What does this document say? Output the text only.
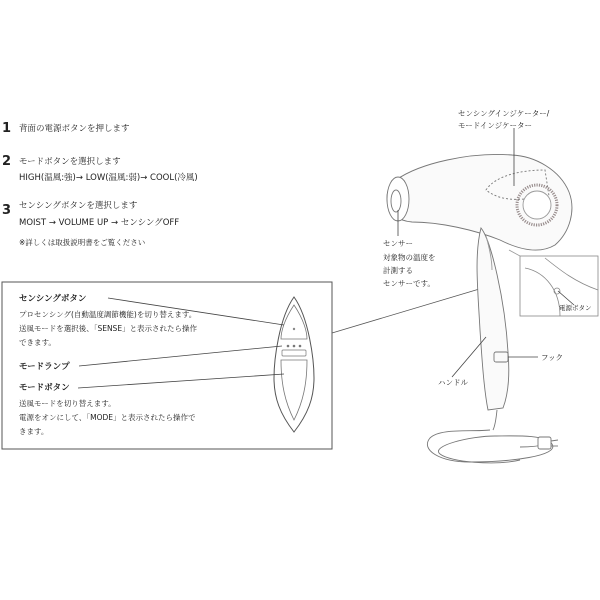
1 背面の電源ボタンを押します
2 モードボタンを選択します
HIGH(温風:強)→ LOW(温風:弱)→ COOL(冷風)
3 センシングボタンを選択します
MOIST → VOLUME UP → センシングOFF
※詳しくは取扱説明書をご覧ください
センシングボタン
プロセンシング(自動温度調節機能)を切り替えます。
送風モードを選択後、「SENSE」と表示されたら操作
できます。
モードランプ
モードボタン
送風モードを切り替えます。
電源をオンにして、「MODE」と表示されたら操作で
きます。
センシングインジケーター/
モードインジケーター
センサー
対象物の温度を
計測する
センサーです。
電源ボタン
フック
ハンドル
